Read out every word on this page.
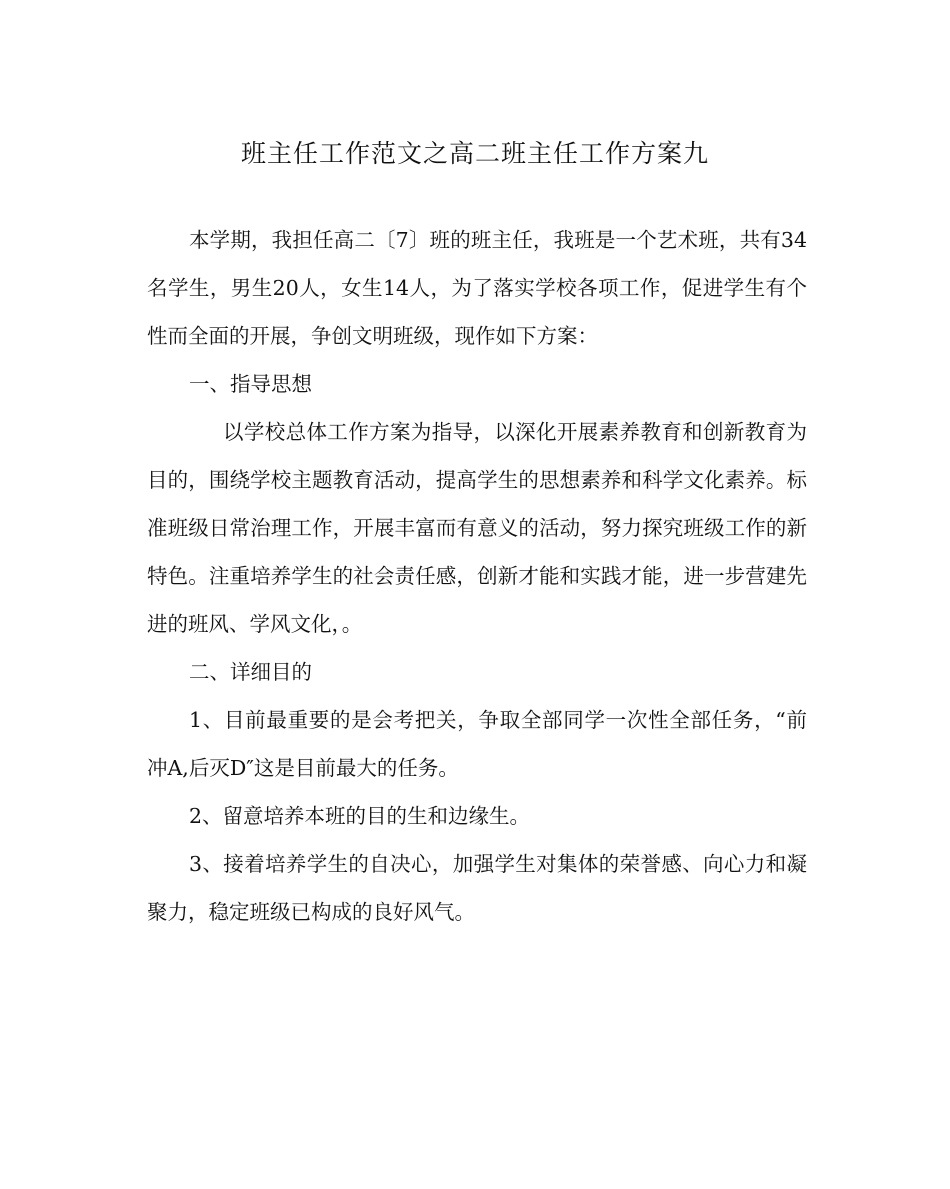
班主任工作范文之高二班主任工作方案九

本学期，我担任高二〔7〕班的班主任，我班是一个艺术班，共有34名学生，男生20人，女生14人，为了落实学校各项工作，促进学生有个性而全面的开展，争创文明班级，现作如下方案：

一、指导思想

以学校总体工作方案为指导，以深化开展素养教育和创新教育为目的，围绕学校主题教育活动，提高学生的思想素养和科学文化素养。标准班级日常治理工作，开展丰富而有意义的活动，努力探究班级工作的新特色。注重培养学生的社会责任感，创新才能和实践才能，进一步营建先进的班风、学风文化，。

二、详细目的

1、目前最重要的是会考把关，争取全部同学一次性全部任务，“前冲A,后灭D″这是目前最大的任务。

2、留意培养本班的目的生和边缘生。

3、接着培养学生的自决心，加强学生对集体的荣誉感、向心力和凝聚力，稳定班级已构成的良好风气。
